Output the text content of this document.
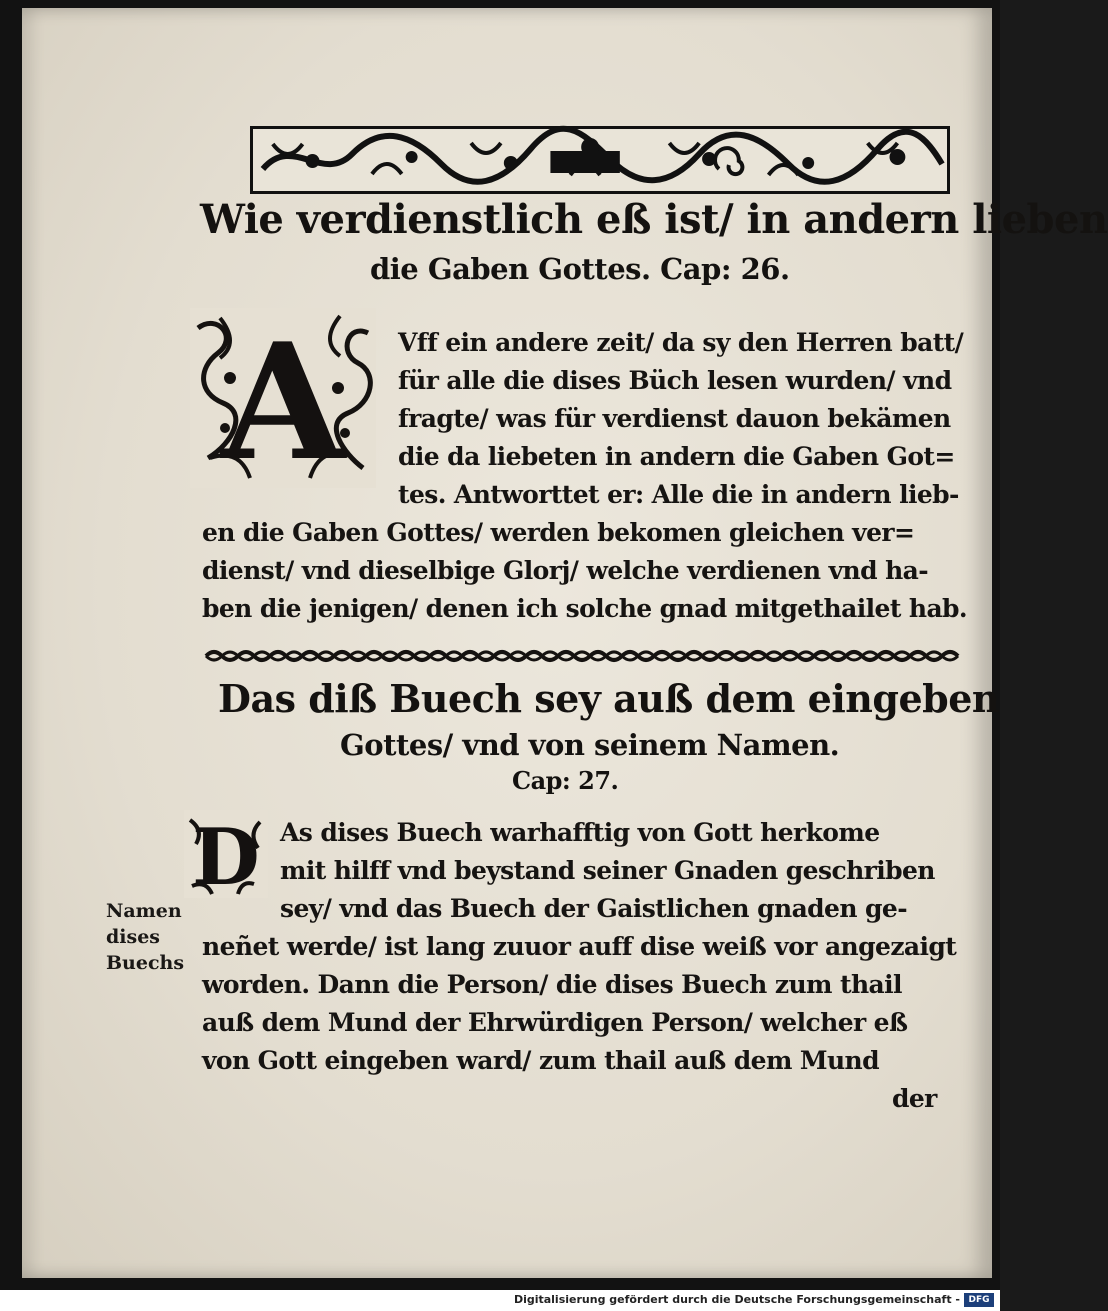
Wie verdienstlich eß ist/ in andern lieben
die Gaben Gottes. Cap: 26.
A Vff ein andere zeit/ da sy den Herren batt/
für alle die dises Büch lesen wurden/ vnd
fragte/ was für verdienst dauon bekämen
die da liebeten in andern die Gaben Got=
tes. Antworttet er: Alle die in andern lieb-
en die Gaben Gottes/ werden bekomen gleichen ver=
dienst/ vnd dieselbige Glorj/ welche verdienen vnd ha-
ben die jenigen/ denen ich solche gnad mitgethailet hab.
Das diß Buech sey auß dem eingeben
Gottes/ vnd von seinem Namen.
Cap: 27.
D As dises Buech warhafftig von Gott herkome
mit hilff vnd beystand seiner Gnaden geschriben
sey/ vnd das Buech der Gaistlichen gnaden ge-
neñet werde/ ist lang zuuor auff dise weiß vor angezaigt
worden. Dann die Person/ die dises Buech zum thail
auß dem Mund der Ehrwürdigen Person/ welcher eß
von Gott eingeben ward/ zum thail auß dem Mund
der
Namen
dises
Buechs
Digitalisierung gefördert durch die Deutsche Forschungsgemeinschaft - DFG
